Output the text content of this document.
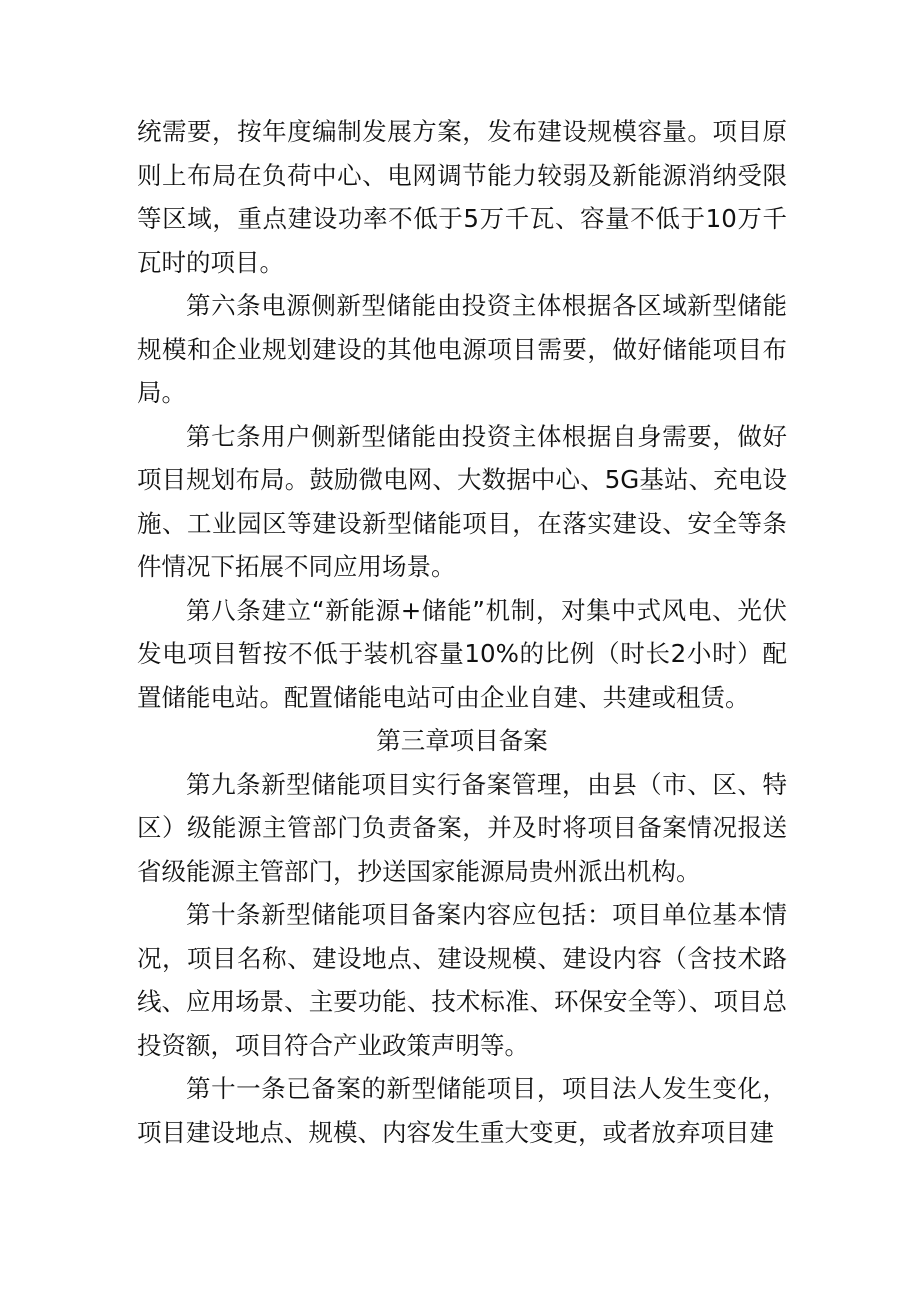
统需要，按年度编制发展方案，发布建设规模容量。项目原则上布局在负荷中心、电网调节能力较弱及新能源消纳受限等区域，重点建设功率不低于5万千瓦、容量不低于10万千瓦时的项目。

第六条电源侧新型储能由投资主体根据各区域新型储能规模和企业规划建设的其他电源项目需要，做好储能项目布局。

第七条用户侧新型储能由投资主体根据自身需要，做好项目规划布局。鼓励微电网、大数据中心、5G基站、充电设施、工业园区等建设新型储能项目，在落实建设、安全等条件情况下拓展不同应用场景。

第八条建立“新能源+储能”机制，对集中式风电、光伏发电项目暂按不低于装机容量10%的比例（时长2小时）配置储能电站。配置储能电站可由企业自建、共建或租赁。

第三章项目备案

第九条新型储能项目实行备案管理，由县（市、区、特区）级能源主管部门负责备案，并及时将项目备案情况报送省级能源主管部门，抄送国家能源局贵州派出机构。

第十条新型储能项目备案内容应包括：项目单位基本情况，项目名称、建设地点、建设规模、建设内容（含技术路线、应用场景、主要功能、技术标准、环保安全等）、项目总投资额，项目符合产业政策声明等。

第十一条已备案的新型储能项目，项目法人发生变化，项目建设地点、规模、内容发生重大变更，或者放弃项目建
